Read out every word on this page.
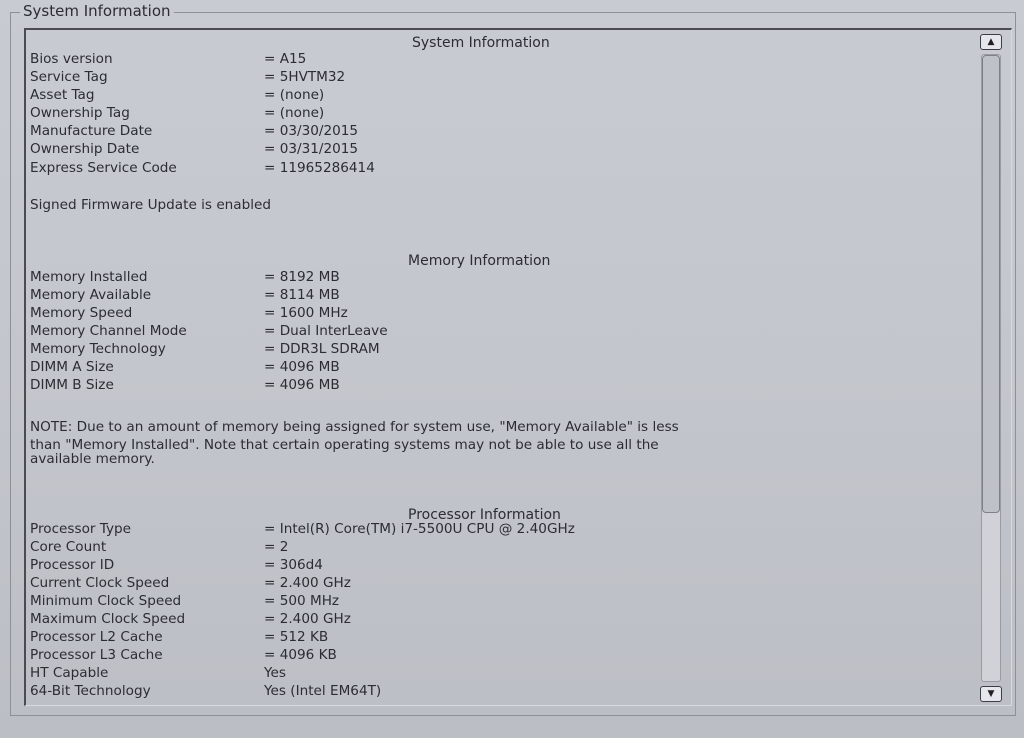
System Information
System Information
Bios version	= A15
Service Tag	= 5HVTM32
Asset Tag	= (none)
Ownership Tag	= (none)
Manufacture Date	= 03/30/2015
Ownership Date	= 03/31/2015
Express Service Code	= 11965286414
Signed Firmware Update is enabled
Memory Information
Memory Installed	= 8192 MB
Memory Available	= 8114 MB
Memory Speed	= 1600 MHz
Memory Channel Mode	= Dual InterLeave
Memory Technology	= DDR3L SDRAM
DIMM A Size	= 4096 MB
DIMM B Size	= 4096 MB
NOTE: Due to an amount of memory being assigned for system use, "Memory Available" is less
than "Memory Installed". Note that certain operating systems may not be able to use all the
available memory.
Processor Information
Processor Type	= Intel(R) Core(TM) i7-5500U CPU @ 2.40GHz
Core Count	= 2
Processor ID	= 306d4
Current Clock Speed	= 2.400 GHz
Minimum Clock Speed	= 500 MHz
Maximum Clock Speed	= 2.400 GHz
Processor L2 Cache	= 512 KB
Processor L3 Cache	= 4096 KB
HT Capable	Yes
64-Bit Technology	Yes (Intel EM64T)
▲
▼
